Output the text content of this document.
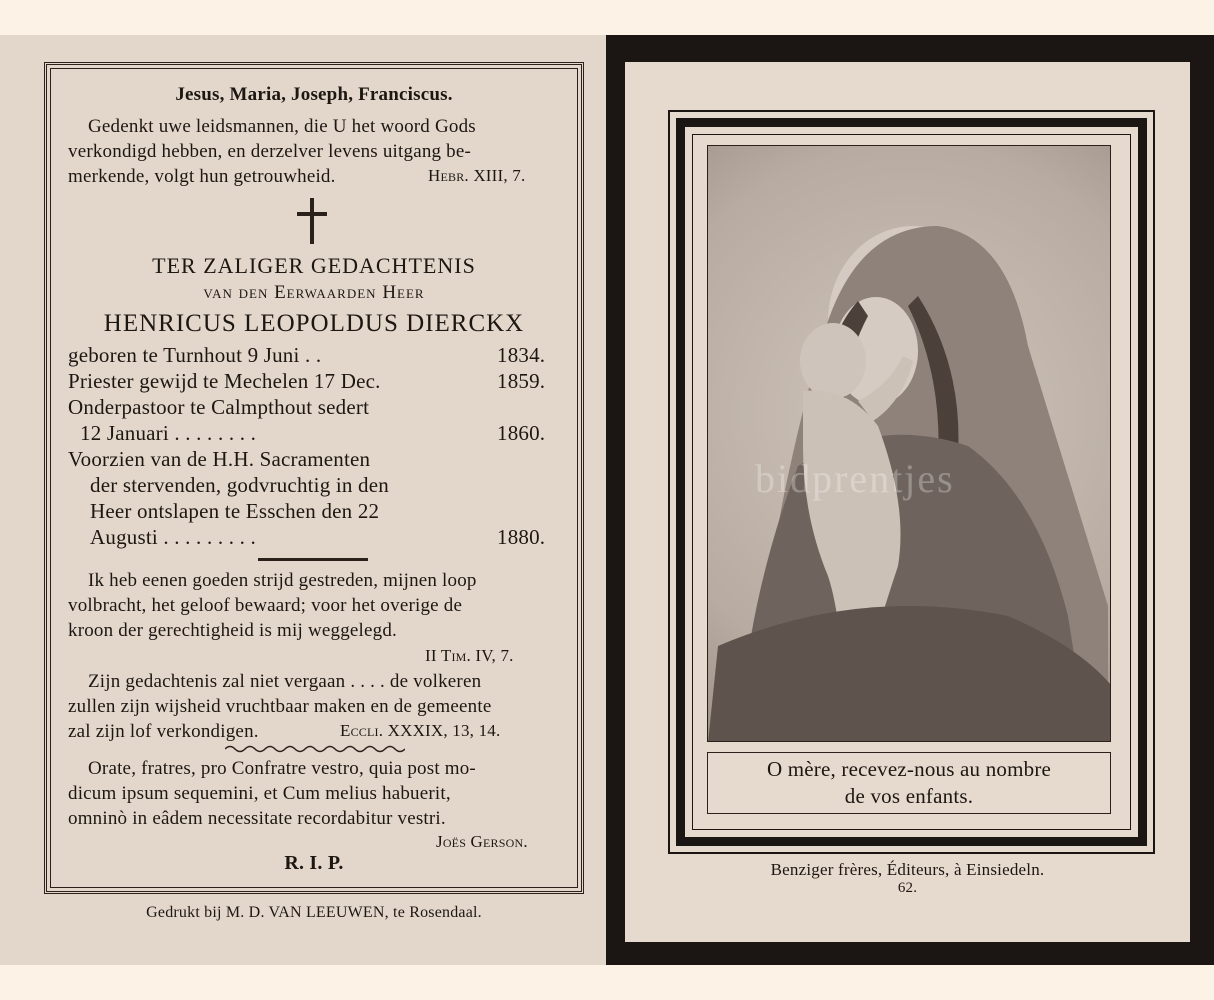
Jesus, Maria, Joseph, Franciscus.
Gedenkt uwe leidsmannen, die U het woord Gods
verkondigd hebben, en derzelver levens uitgang be-
merkende, volgt hun getrouwheid.	Hebr. XIII, 7.
TER ZALIGER GEDACHTENIS
van den Eerwaarden Heer
HENRICUS LEOPOLDUS DIERCKX
geboren te Turnhout 9 Juni . .	1834.
Priester gewijd te Mechelen 17 Dec.	1859.
Onderpastoor te Calmpthout sedert
12 Januari . . . . . . . .	1860.
Voorzien van de H.H. Sacramenten
der stervenden, godvruchtig in den
Heer ontslapen te Esschen den 22
Augusti . . . . . . . . .	1880.
Ik heb eenen goeden strijd gestreden, mijnen loop
volbracht, het geloof bewaard; voor het overige de
kroon der gerechtigheid is mij weggelegd.
II Tim. IV, 7.
Zijn gedachtenis zal niet vergaan . . . . de volkeren
zullen zijn wijsheid vruchtbaar maken en de gemeente
zal zijn lof verkondigen.	Eccli. XXXIX, 13, 14.
Orate, fratres, pro Confratre vestro, quia post mo-
dicum ipsum sequemini, et Cum melius habuerit,
omninò in eâdem necessitate recordabitur vestri.
Joës Gerson.
R. I. P.
Gedrukt bij M. D. VAN LEEUWEN, te Rosendaal.
bidprentjes
O mère, recevez-nous au nombre
de vos enfants.
Benziger frères, Éditeurs, à Einsiedeln.
62.
